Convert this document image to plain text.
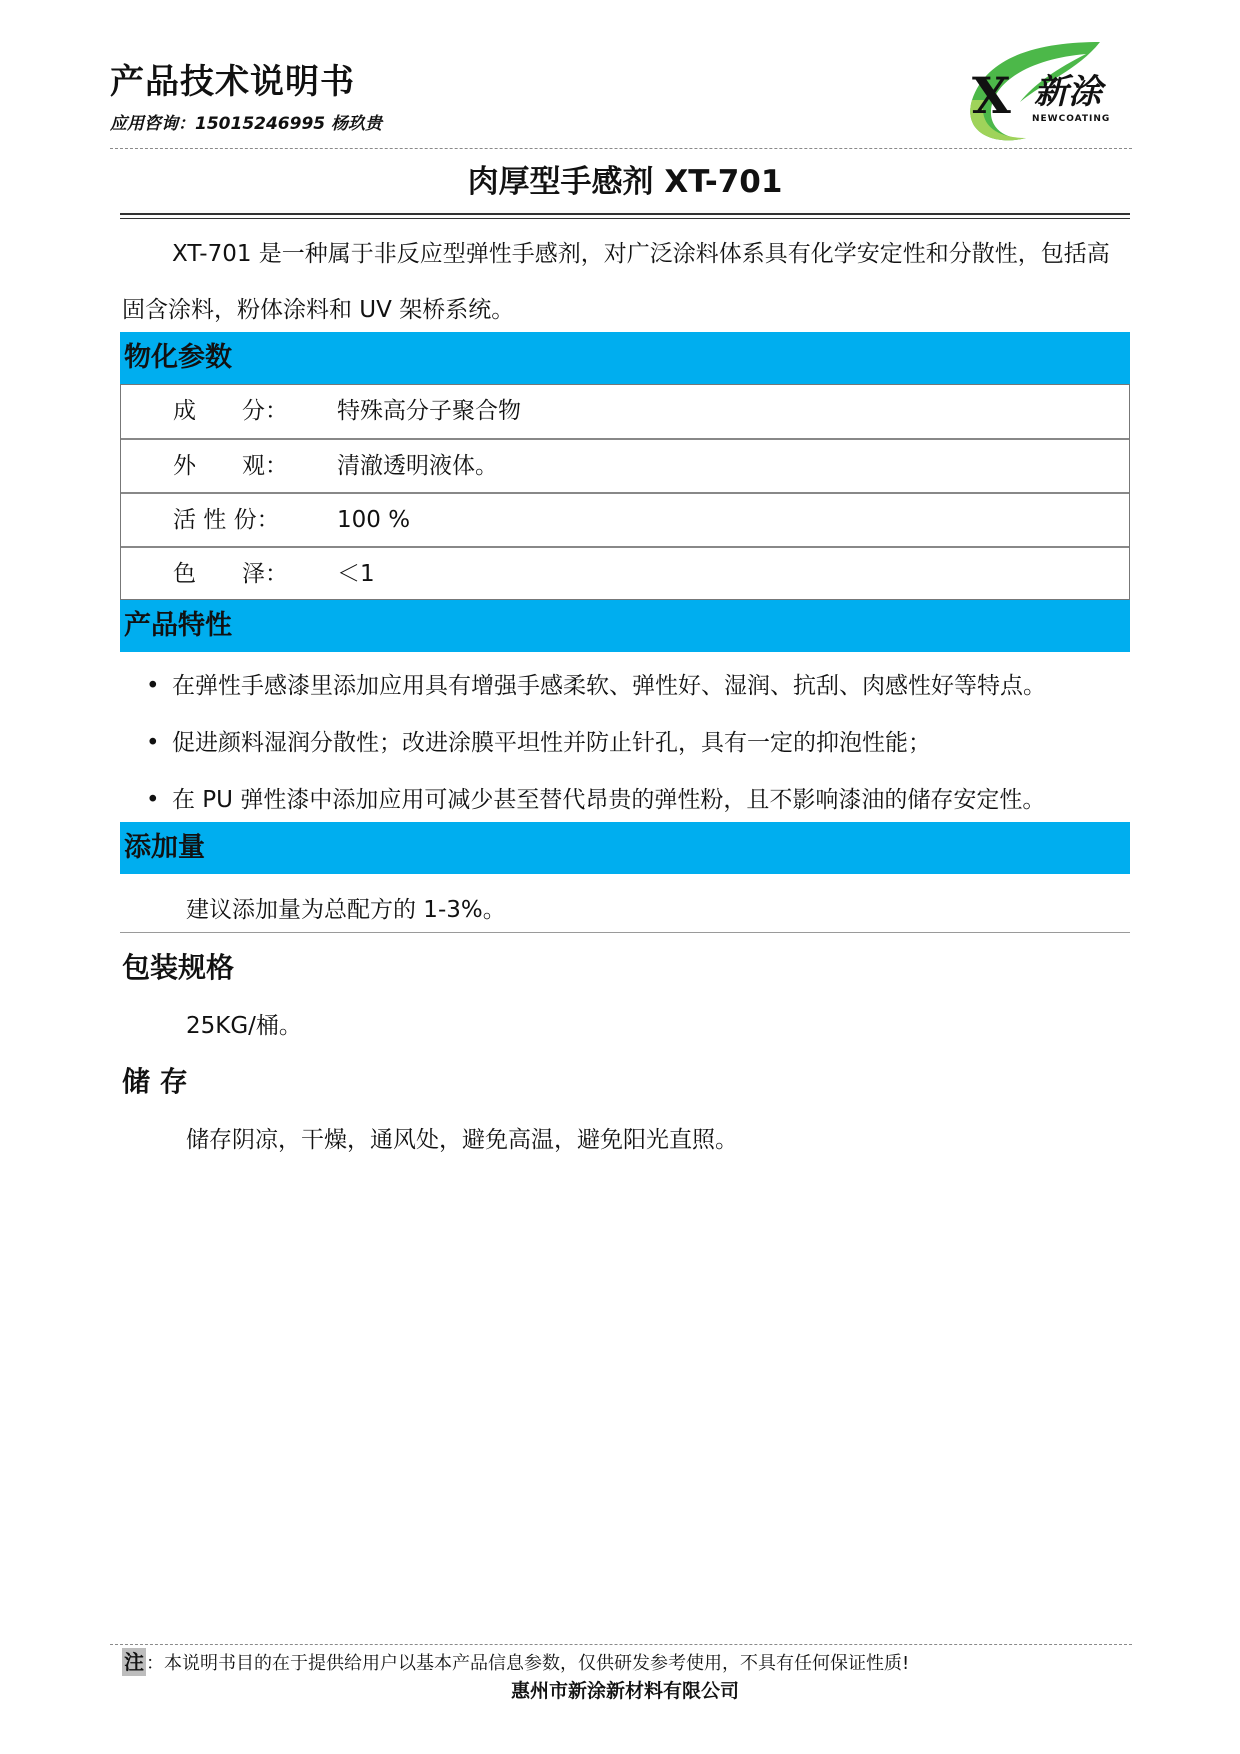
产品技术说明书
应用咨询：15015246995 杨玖贵	X 新涂
NEWCOATING
肉厚型手感剂 XT-701
XT-701 是一种属于非反应型弹性手感剂，对广泛涂料体系具有化学安定性和分散性，包括高固含涂料，粉体涂料和 UV 架桥系统。
物化参数
成　　分：	特殊高分子聚合物
外　　观：	清澈透明液体。
活 性 份：	100 %
色　　泽：	＜1
产品特性
• 在弹性手感漆里添加应用具有增强手感柔软、弹性好、湿润、抗刮、肉感性好等特点。
• 促进颜料湿润分散性；改进涂膜平坦性并防止针孔，具有一定的抑泡性能；
• 在 PU 弹性漆中添加应用可减少甚至替代昂贵的弹性粉，且不影响漆油的储存安定性。
添加量
建议添加量为总配方的 1-3%。
包装规格
25KG/桶。
储 存
储存阴凉，干燥，通风处，避免高温，避免阳光直照。
注 ：本说明书目的在于提供给用户以基本产品信息参数，仅供研发参考使用，不具有任何保证性质!
惠州市新涂新材料有限公司
